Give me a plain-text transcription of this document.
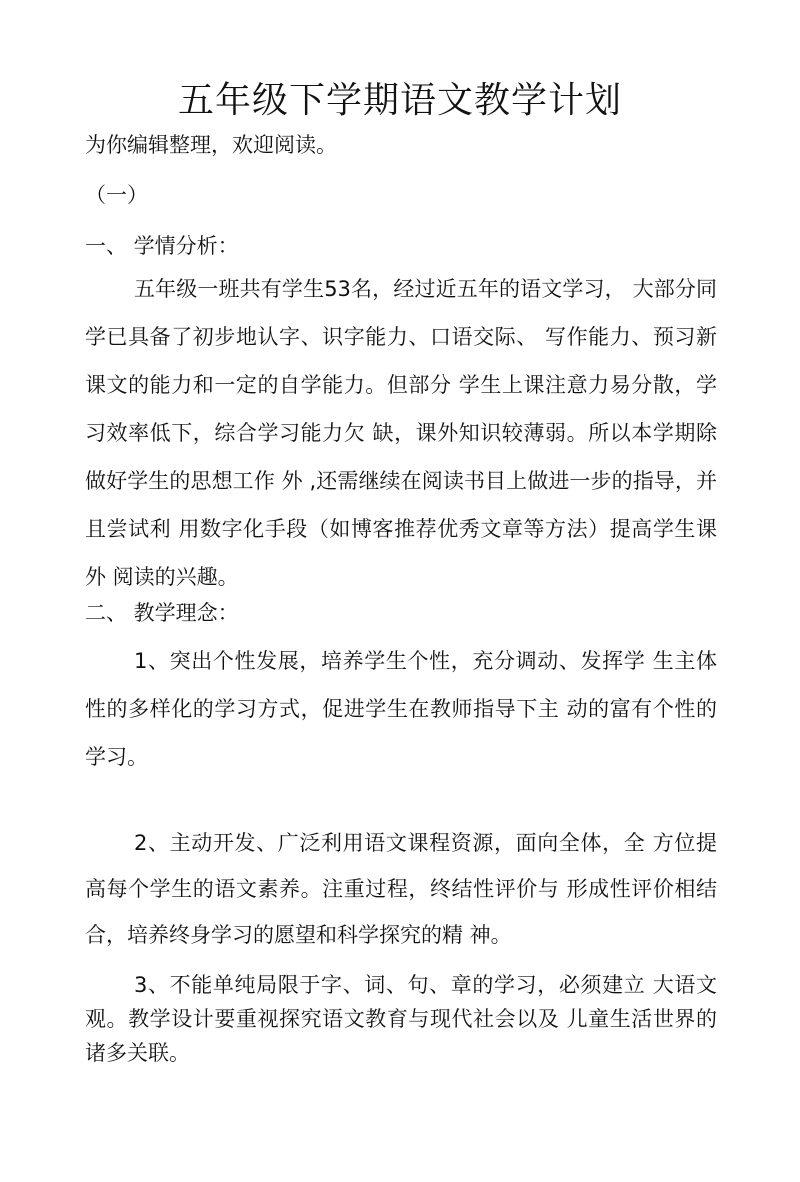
五年级下学期语文教学计划
为你编辑整理，欢迎阅读。
（一）
一、 学情分析：

五年级一班共有学生53名，经过近五年的语文学习， 大部分同学已具备了初步地认字、识字能力、口语交际、 写作能力、预习新课文的能力和一定的自学能力。但部分 学生上课注意力易分散，学习效率低下，综合学习能力欠 缺，课外知识较薄弱。所以本学期除做好学生的思想工作 外 ,还需继续在阅读书目上做进一步的指导，并且尝试利 用数字化手段（如博客推荐优秀文章等方法）提高学生课外 阅读的兴趣。

二、 教学理念：

1、突出个性发展，培养学生个性，充分调动、发挥学 生主体性的多样化的学习方式，促进学生在教师指导下主 动的富有个性的学习。

2、主动开发、广泛利用语文课程资源，面向全体，全 方位提高每个学生的语文素养。注重过程，终结性评价与 形成性评价相结合，培养终身学习的愿望和科学探究的精 神。

3、不能单纯局限于字、词、句、章的学习，必须建立 大语文观。教学设计要重视探究语文教育与现代社会以及 儿童生活世界的诸多关联。
